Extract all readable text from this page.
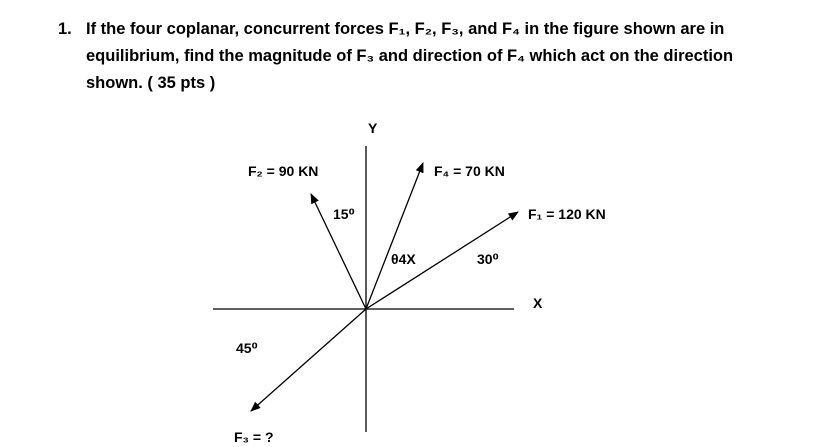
1. If the four coplanar, concurrent forces F₁, F₂, F₃, and F₄ in the figure shown are in
equilibrium, find the magnitude of F₃ and direction of F₄ which act on the direction
shown. ( 35 pts )
Y
X
F₂ = 90 KN	F₄ = 70 KN
F₁ = 120 KN
F₃ = ?
15⁰
θ4X	30⁰
45⁰
